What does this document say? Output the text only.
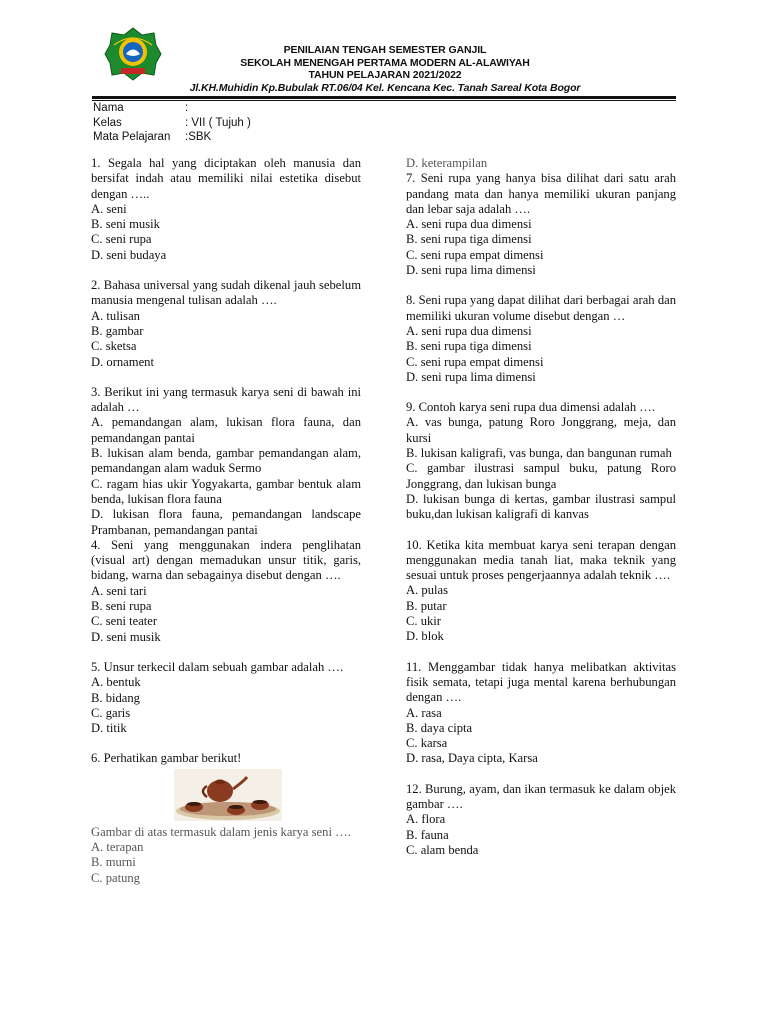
PENILAIAN TENGAH SEMESTER GANJIL
SEKOLAH MENENGAH PERTAMA MODERN AL-ALAWIYAH
TAHUN PELAJARAN 2021/2022
Jl.KH.Muhidin Kp.Bubulak RT.06/04 Kel. Kencana Kec. Tanah Sareal Kota Bogor
Nama	:
Kelas	: VII ( Tujuh )
Mata Pelajaran	:SBK
1. Segala hal yang diciptakan oleh manusia dan bersifat indah atau memiliki nilai estetika disebut dengan …..
A. seni
B. seni musik
C. seni rupa
D. seni budaya
2. Bahasa universal yang sudah dikenal jauh sebelum manusia mengenal tulisan adalah ….
A. tulisan
B. gambar
C. sketsa
D. ornament
3. Berikut ini yang termasuk karya seni di bawah ini adalah …
A. pemandangan alam, lukisan flora fauna, dan pemandangan pantai
B. lukisan alam benda, gambar pemandangan alam, pemandangan alam waduk Sermo
C. ragam hias ukir Yogyakarta, gambar bentuk alam benda, lukisan flora fauna
D. lukisan flora fauna, pemandangan landscape Prambanan, pemandangan pantai
4. Seni yang menggunakan indera penglihatan (visual art) dengan memadukan unsur titik, garis, bidang, warna dan sebagainya disebut dengan ….
A. seni tari
B. seni rupa
C. seni teater
D. seni musik
5. Unsur terkecil dalam sebuah gambar adalah ….
A. bentuk
B. bidang
C. garis
D. titik
6. Perhatikan gambar berikut!
Gambar di atas termasuk dalam jenis karya seni ….
A. terapan
B. murni
C. patung
D. keterampilan
7. Seni rupa yang hanya bisa dilihat dari satu arah pandang mata dan hanya memiliki ukuran panjang dan lebar saja adalah ….
A. seni rupa dua dimensi
B. seni rupa tiga dimensi
C. seni rupa empat dimensi
D. seni rupa lima dimensi
8. Seni rupa yang dapat dilihat dari berbagai arah dan memiliki ukuran volume disebut dengan …
A. seni rupa dua dimensi
B. seni rupa tiga dimensi
C. seni rupa empat dimensi
D. seni rupa lima dimensi
9. Contoh karya seni rupa dua dimensi adalah ….
A. vas bunga, patung Roro Jonggrang, meja, dan kursi
B. lukisan kaligrafi, vas bunga, dan bangunan rumah
C. gambar ilustrasi sampul buku, patung Roro Jonggrang, dan lukisan bunga
D. lukisan bunga di kertas, gambar ilustrasi sampul buku,dan lukisan kaligrafi di kanvas
10. Ketika kita membuat karya seni terapan dengan menggunakan media tanah liat, maka teknik yang sesuai untuk proses pengerjaannya adalah teknik ….
A. pulas
B. putar
C. ukir
D. blok
11. Menggambar tidak hanya melibatkan aktivitas fisik semata, tetapi juga mental karena berhubungan dengan ….
A. rasa
B. daya cipta
C. karsa
D. rasa, Daya cipta, Karsa
12. Burung, ayam, dan ikan termasuk ke dalam objek gambar ….
A. flora
B. fauna
C. alam benda
